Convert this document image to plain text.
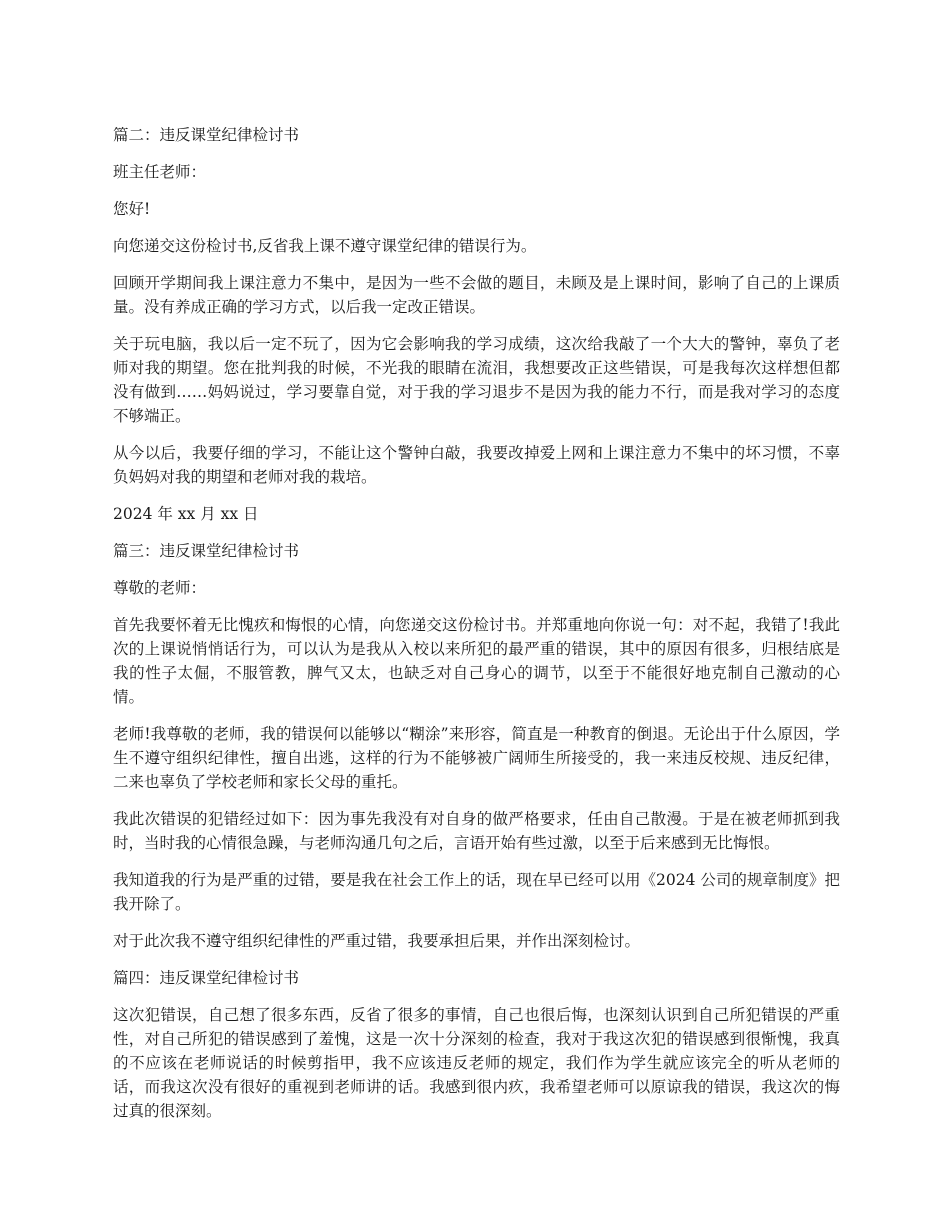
篇二：违反课堂纪律检讨书

班主任老师：

您好!

向您递交这份检讨书,反省我上课不遵守课堂纪律的错误行为。

回顾开学期间我上课注意力不集中，是因为一些不会做的题目，未顾及是上课时间，影响了自己的上课质量。没有养成正确的学习方式，以后我一定改正错误。

关于玩电脑，我以后一定不玩了，因为它会影响我的学习成绩，这次给我敲了一个大大的警钟，辜负了老师对我的期望。您在批判我的时候，不光我的眼睛在流泪，我想要改正这些错误，可是我每次这样想但都没有做到……妈妈说过，学习要靠自觉，对于我的学习退步不是因为我的能力不行，而是我对学习的态度不够端正。

从今以后，我要仔细的学习，不能让这个警钟白敲，我要改掉爱上网和上课注意力不集中的坏习惯，不辜负妈妈对我的期望和老师对我的栽培。

2024 年 xx 月 xx 日

篇三：违反课堂纪律检讨书

尊敬的老师：

首先我要怀着无比愧疚和悔恨的心情，向您递交这份检讨书。并郑重地向你说一句：对不起，我错了!我此次的上课说悄悄话行为，可以认为是我从入校以来所犯的最严重的错误，其中的原因有很多，归根结底是我的性子太倔，不服管教，脾气又太，也缺乏对自己身心的调节，以至于不能很好地克制自己激动的心情。

老师!我尊敬的老师，我的错误何以能够以“糊涂”来形容，简直是一种教育的倒退。无论出于什么原因，学生不遵守组织纪律性，擅自出逃，这样的行为不能够被广阔师生所接受的，我一来违反校规、违反纪律，二来也辜负了学校老师和家长父母的重托。

我此次错误的犯错经过如下：因为事先我没有对自身的做严格要求，任由自己散漫。于是在被老师抓到我时，当时我的心情很急躁，与老师沟通几句之后，言语开始有些过激，以至于后来感到无比悔恨。

我知道我的行为是严重的过错，要是我在社会工作上的话，现在早已经可以用《2024 公司的规章制度》把我开除了。

对于此次我不遵守组织纪律性的严重过错，我要承担后果，并作出深刻检讨。

篇四：违反课堂纪律检讨书

这次犯错误，自己想了很多东西，反省了很多的事情，自己也很后悔，也深刻认识到自己所犯错误的严重性，对自己所犯的错误感到了羞愧，这是一次十分深刻的检查，我对于我这次犯的错误感到很惭愧，我真的不应该在老师说话的时候剪指甲，我不应该违反老师的规定，我们作为学生就应该完全的听从老师的话，而我这次没有很好的重视到老师讲的话。我感到很内疚，我希望老师可以原谅我的错误，我这次的悔过真的很深刻。
